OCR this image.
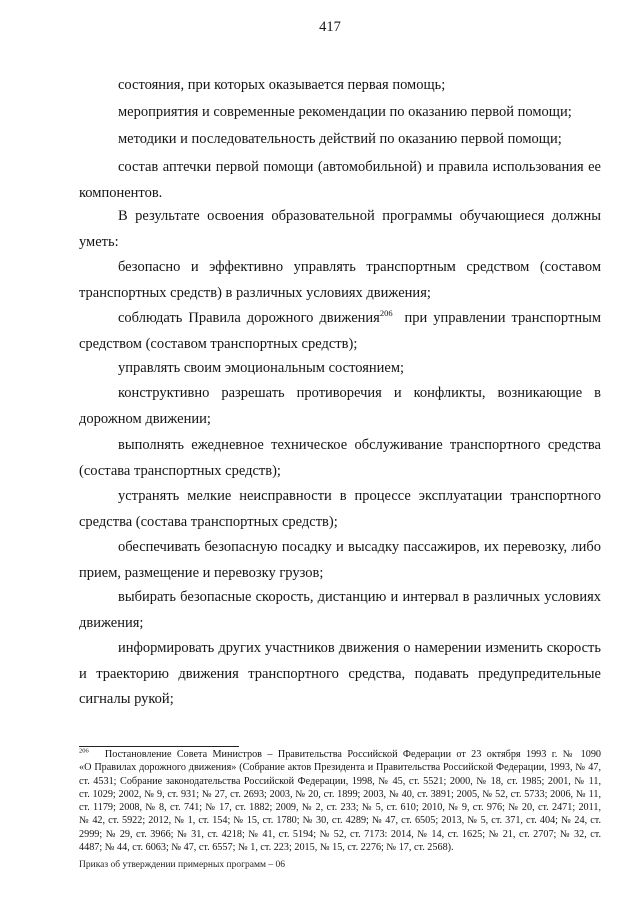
417
состояния, при которых оказывается первая помощь;
мероприятия и современные рекомендации по оказанию первой помощи;
методики и последовательность действий по оказанию первой помощи;
состав аптечки первой помощи (автомобильной) и правила использования ее
компонентов.
В результате освоения образовательной программы обучающиеся должны
уметь:
безопасно и эффективно управлять транспортным средством (составом
транспортных средств) в различных условиях движения;
соблюдать Правила дорожного движения$^{206}$ при управлении транспортным
средством (составом транспортных средств);
управлять своим эмоциональным состоянием;
конструктивно разрешать противоречия и конфликты, возникающие в
дорожном движении;
выполнять ежедневное техническое обслуживание транспортного средства
(состава транспортных средств);
устранять мелкие неисправности в процессе эксплуатации транспортного
средства (состава транспортных средств);
обеспечивать безопасную посадку и высадку пассажиров, их перевозку, либо
прием, размещение и перевозку грузов;
выбирать безопасные скорость, дистанцию и интервал в различных условиях
движения;
информировать других участников движения о намерении изменить скорость
и траекторию движения транспортного средства, подавать предупредительные
сигналы рукой;
$^{206}$ Постановление Совета Министров – Правительства Российской Федерации от 23 октября 1993 г. № 1090
«О Правилах дорожного движения» (Собрание актов Президента и Правительства Российской Федерации, 1993, № 47,
ст. 4531; Собрание законодательства Российской Федерации, 1998, № 45, ст. 5521; 2000, № 18, ст. 1985; 2001, № 11,
ст. 1029; 2002, № 9, ст. 931; № 27, ст. 2693; 2003, № 20, ст. 1899; 2003, № 40, ст. 3891; 2005, № 52, ст. 5733; 2006, № 11,
ст. 1179; 2008, № 8, ст. 741; № 17, ст. 1882; 2009, № 2, ст. 233; № 5, ст. 610; 2010, № 9, ст. 976; № 20, ст. 2471; 2011,
№ 42, ст. 5922; 2012, № 1, ст. 154; № 15, ст. 1780; № 30, ст. 4289; № 47, ст. 6505; 2013, № 5, ст. 371, ст. 404; № 24, ст.
2999; № 29, ст. 3966; № 31, ст. 4218; № 41, ст. 5194; № 52, ст. 7173: 2014, № 14, ст. 1625; № 21, ст. 2707; № 32, ст.
4487; № 44, ст. 6063; № 47, ст. 6557; № 1, ст. 223; 2015, № 15, ст. 2276; № 17, ст. 2568).
Приказ об утверждении примерных программ – 06
